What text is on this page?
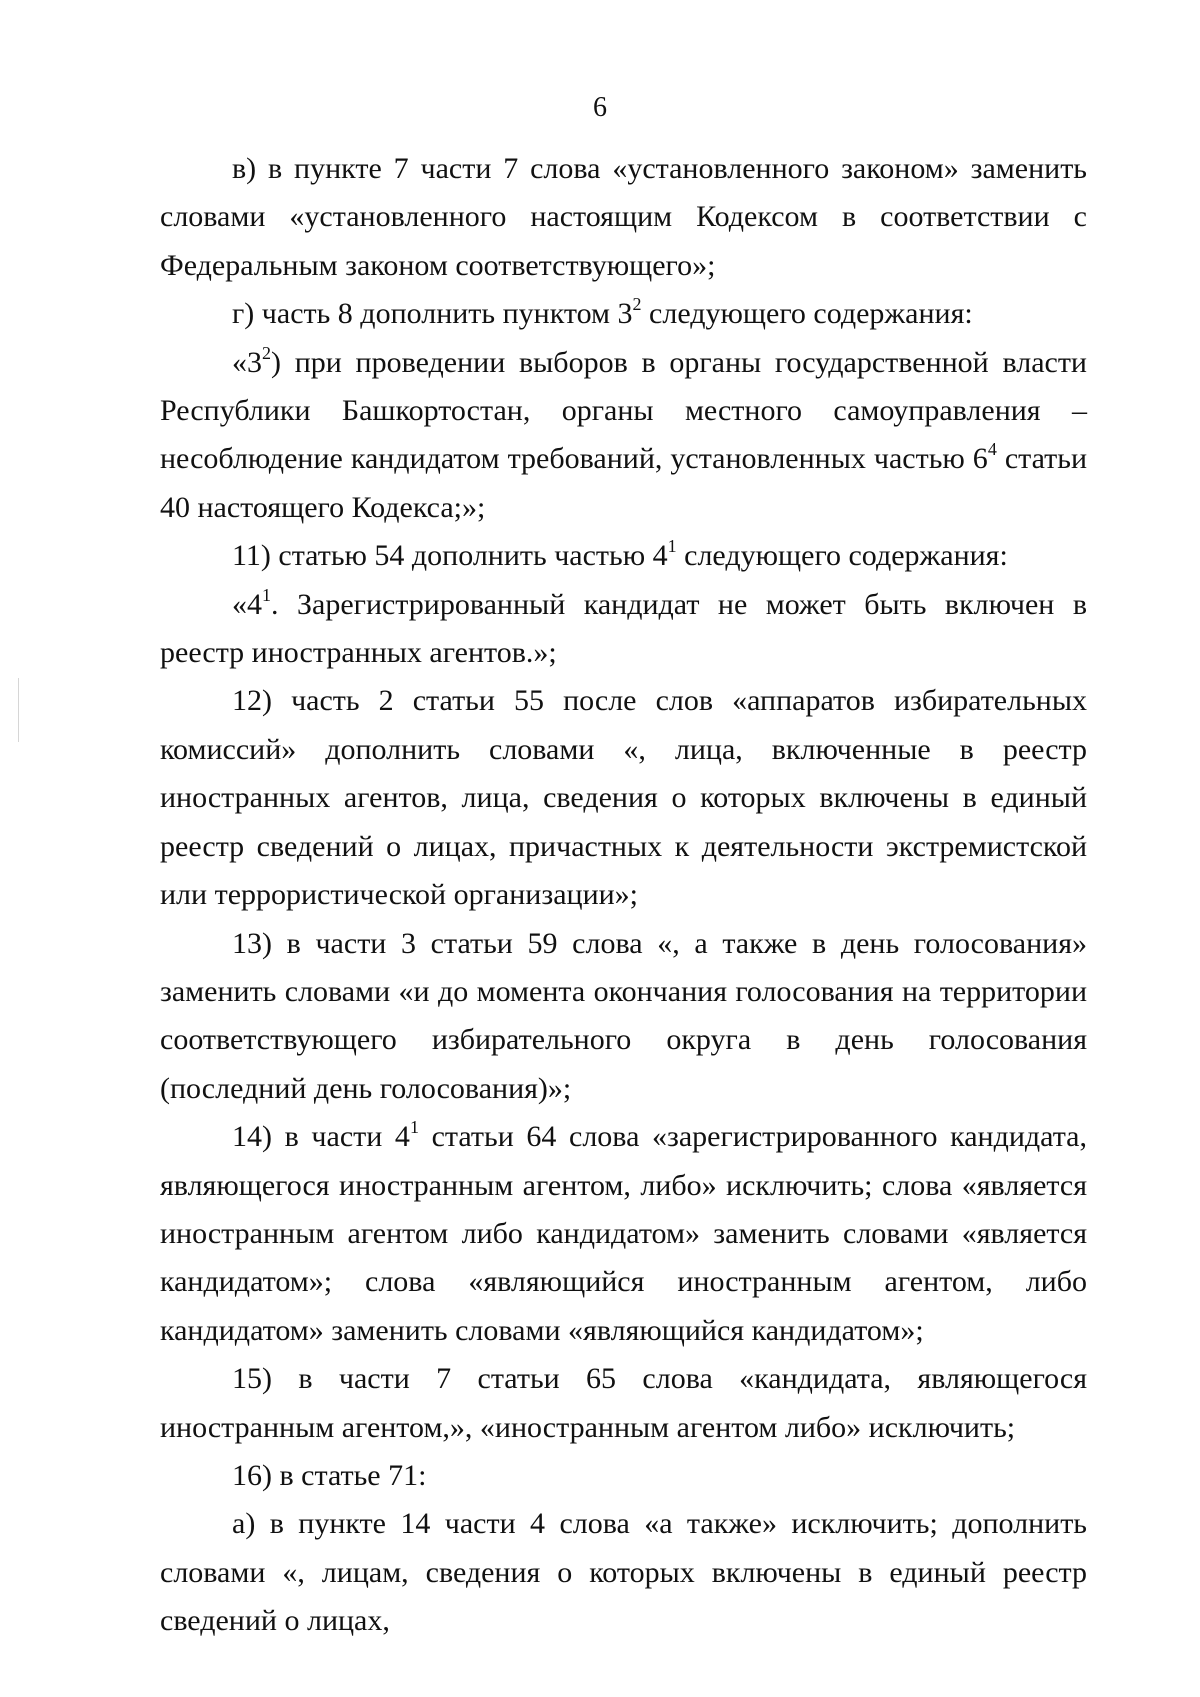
6

в) в пункте 7 части 7 слова «установленного законом» заменить словами «установленного настоящим Кодексом в соответствии с Федеральным законом соответствующего»;

г) часть 8 дополнить пунктом $3^2$ следующего содержания:

«$3^2$) при проведении выборов в органы государственной власти Республики Башкортостан, органы местного самоуправления – несоблюдение кандидатом требований, установленных частью $6^4$ статьи 40 настоящего Кодекса;»;

11) статью 54 дополнить частью $4^1$ следующего содержания:

«$4^1$. Зарегистрированный кандидат не может быть включен в реестр иностранных агентов.»;

12) часть 2 статьи 55 после слов «аппаратов избирательных комиссий» дополнить словами «, лица, включенные в реестр иностранных агентов, лица, сведения о которых включены в единый реестр сведений о лицах, причастных к деятельности экстремистской или террористической организации»;

13) в части 3 статьи 59 слова «, а также в день голосования» заменить словами «и до момента окончания голосования на территории соответствующего избирательного округа в день голосования (последний день голосования)»;

14) в части $4^1$ статьи 64 слова «зарегистрированного кандидата, являющегося иностранным агентом, либо» исключить; слова «является иностранным агентом либо кандидатом» заменить словами «является кандидатом»; слова «являющийся иностранным агентом, либо кандидатом» заменить словами «являющийся кандидатом»;

15) в части 7 статьи 65 слова «кандидата, являющегося иностранным агентом,», «иностранным агентом либо» исключить;

16) в статье 71:

а) в пункте 14 части 4 слова «а также» исключить; дополнить словами «, лицам, сведения о которых включены в единый реестр сведений о лицах,
